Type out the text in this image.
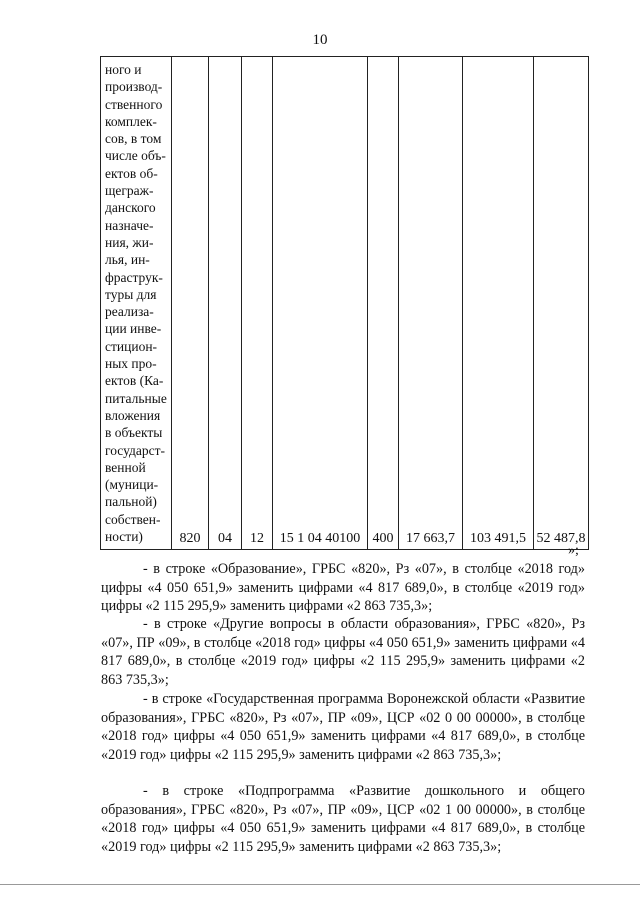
10
ного и
производ-
ственного
комплек-
сов, в том
числе объ-
ектов об-
щеграж-
данского
назначе-
ния, жи-
лья, ин-
фраструк-
туры для
реализа-
ции инве-
стицион-
ных про-
ектов (Ка-
питальные
вложения
в объекты
государст-
венной
(муници-
пальной)
собствен-
ности)	820	04	12	15 1 04 40100	400	17 663,7	103 491,5	52 487,8
»;

- в строке «Образование», ГРБС «820», Рз «07», в столбце «2018 год» цифры «4 050 651,9» заменить цифрами «4 817 689,0», в столбце «2019 год» цифры «2 115 295,9» заменить цифрами «2 863 735,3»;

- в строке «Другие вопросы в области образования», ГРБС «820», Рз «07», ПР «09», в столбце «2018 год» цифры «4 050 651,9» заменить цифрами «4 817 689,0», в столбце «2019 год» цифры «2 115 295,9» заменить цифрами «2 863 735,3»;

- в строке «Государственная программа Воронежской области «Развитие образования», ГРБС «820», Рз «07», ПР «09», ЦСР «02 0 00 00000», в столбце «2018 год» цифры «4 050 651,9» заменить цифрами «4 817 689,0», в столбце «2019 год» цифры «2 115 295,9» заменить цифрами «2 863 735,3»;

- в строке «Подпрограмма «Развитие дошкольного и общего образования», ГРБС «820», Рз «07», ПР «09», ЦСР «02 1 00 00000», в столбце «2018 год» цифры «4 050 651,9» заменить цифрами «4 817 689,0», в столбце «2019 год» цифры «2 115 295,9» заменить цифрами «2 863 735,3»;
